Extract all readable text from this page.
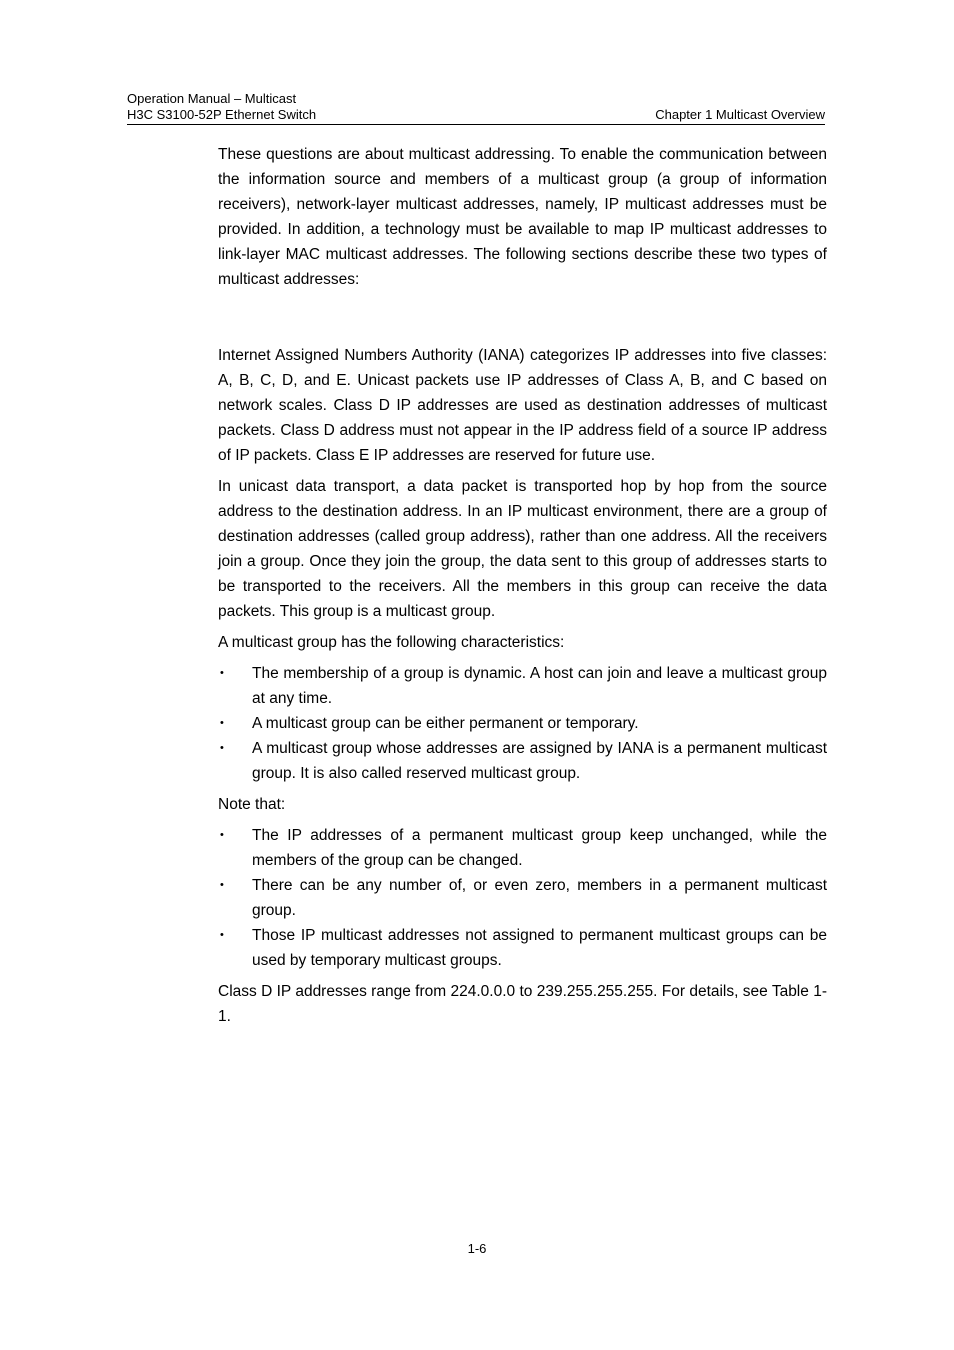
Operation Manual – Multicast
H3C S3100-52P Ethernet Switch	Chapter 1 Multicast Overview

These questions are about multicast addressing. To enable the communication between the information source and members of a multicast group (a group of information receivers), network-layer multicast addresses, namely, IP multicast addresses must be provided. In addition, a technology must be available to map IP multicast addresses to link-layer MAC multicast addresses. The following sections describe these two types of multicast addresses:

Internet Assigned Numbers Authority (IANA) categorizes IP addresses into five classes: A, B, C, D, and E. Unicast packets use IP addresses of Class A, B, and C based on network scales. Class D IP addresses are used as destination addresses of multicast packets. Class D address must not appear in the IP address field of a source IP address of IP packets. Class E IP addresses are reserved for future use.

In unicast data transport, a data packet is transported hop by hop from the source address to the destination address. In an IP multicast environment, there are a group of destination addresses (called group address), rather than one address. All the receivers join a group. Once they join the group, the data sent to this group of addresses starts to be transported to the receivers. All the members in this group can receive the data packets. This group is a multicast group.

A multicast group has the following characteristics:

• The membership of a group is dynamic. A host can join and leave a multicast group at any time.
• A multicast group can be either permanent or temporary.
• A multicast group whose addresses are assigned by IANA is a permanent multicast group. It is also called reserved multicast group.

Note that:

• The IP addresses of a permanent multicast group keep unchanged, while the members of the group can be changed.
• There can be any number of, or even zero, members in a permanent multicast group.
• Those IP multicast addresses not assigned to permanent multicast groups can be used by temporary multicast groups.

Class D IP addresses range from 224.0.0.0 to 239.255.255.255. For details, see Table 1-1.

1-6
